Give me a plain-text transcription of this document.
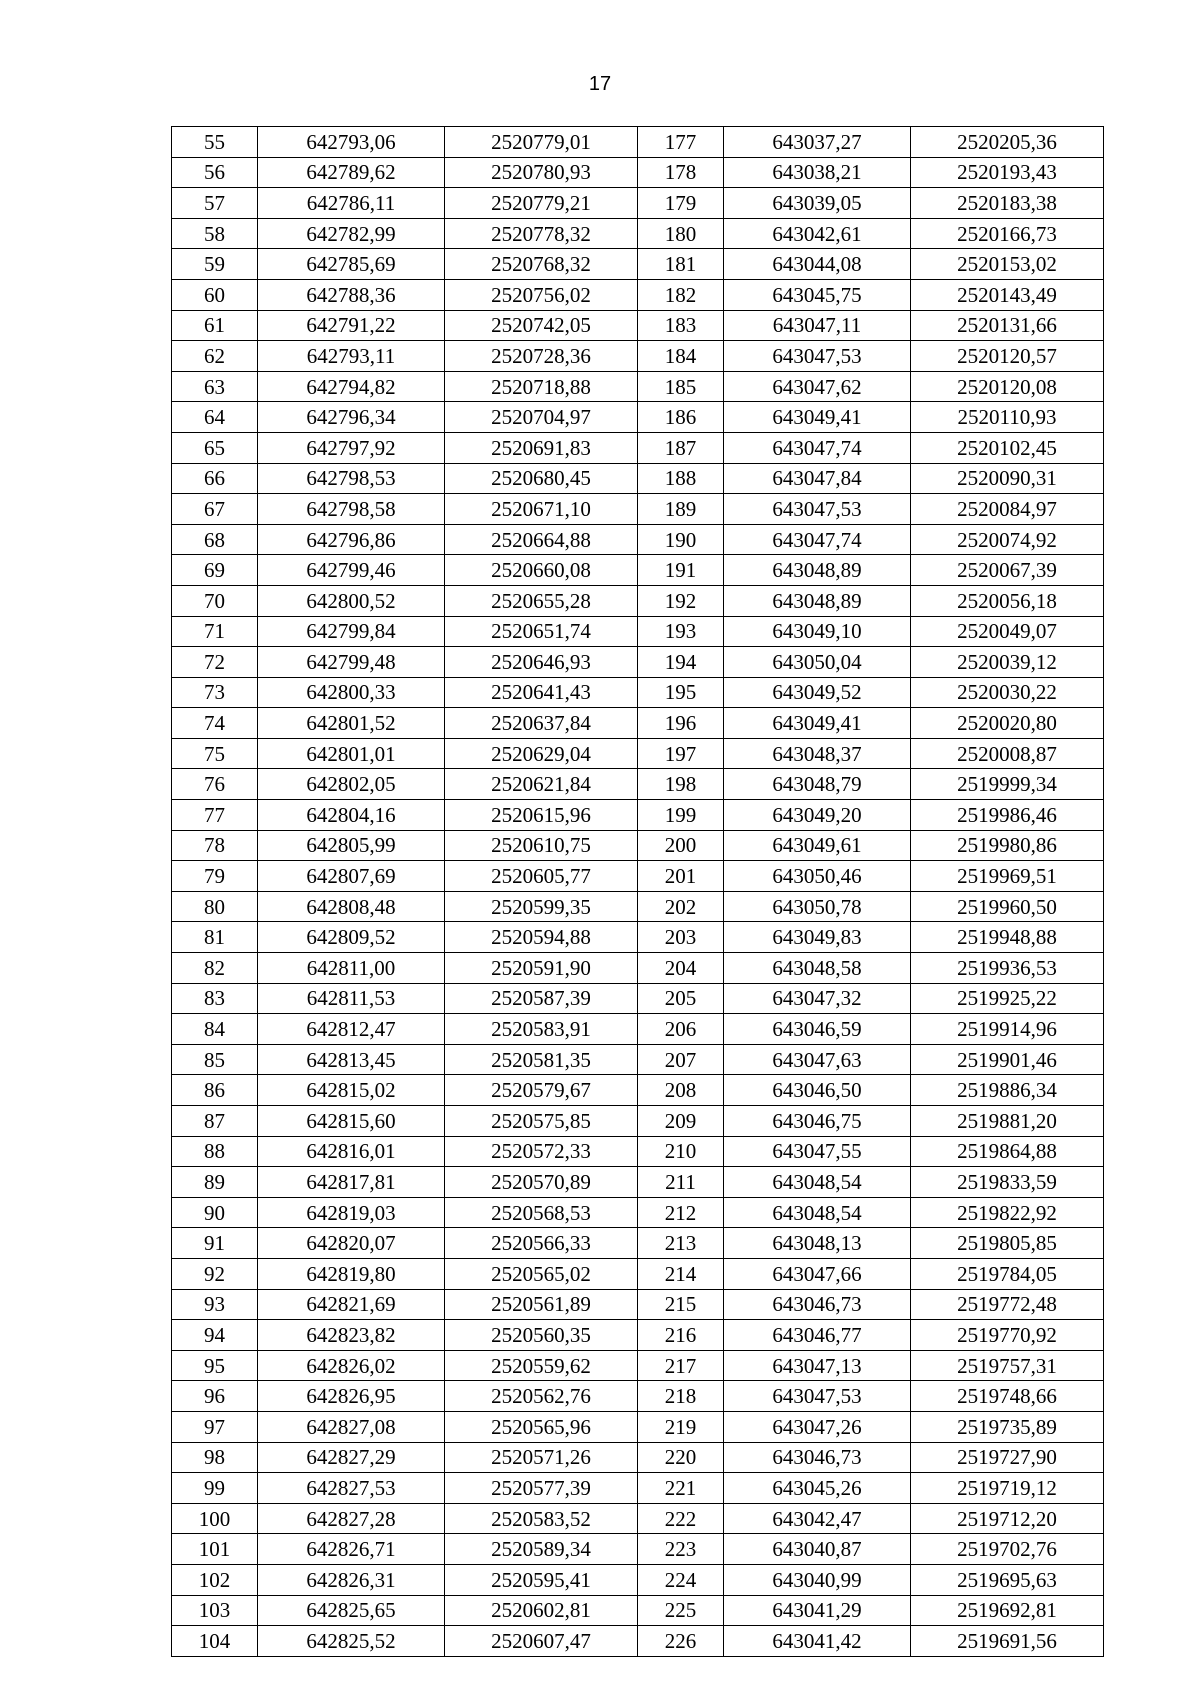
17
55	642793,06	2520779,01	177	643037,27	2520205,36
56	642789,62	2520780,93	178	643038,21	2520193,43
57	642786,11	2520779,21	179	643039,05	2520183,38
58	642782,99	2520778,32	180	643042,61	2520166,73
59	642785,69	2520768,32	181	643044,08	2520153,02
60	642788,36	2520756,02	182	643045,75	2520143,49
61	642791,22	2520742,05	183	643047,11	2520131,66
62	642793,11	2520728,36	184	643047,53	2520120,57
63	642794,82	2520718,88	185	643047,62	2520120,08
64	642796,34	2520704,97	186	643049,41	2520110,93
65	642797,92	2520691,83	187	643047,74	2520102,45
66	642798,53	2520680,45	188	643047,84	2520090,31
67	642798,58	2520671,10	189	643047,53	2520084,97
68	642796,86	2520664,88	190	643047,74	2520074,92
69	642799,46	2520660,08	191	643048,89	2520067,39
70	642800,52	2520655,28	192	643048,89	2520056,18
71	642799,84	2520651,74	193	643049,10	2520049,07
72	642799,48	2520646,93	194	643050,04	2520039,12
73	642800,33	2520641,43	195	643049,52	2520030,22
74	642801,52	2520637,84	196	643049,41	2520020,80
75	642801,01	2520629,04	197	643048,37	2520008,87
76	642802,05	2520621,84	198	643048,79	2519999,34
77	642804,16	2520615,96	199	643049,20	2519986,46
78	642805,99	2520610,75	200	643049,61	2519980,86
79	642807,69	2520605,77	201	643050,46	2519969,51
80	642808,48	2520599,35	202	643050,78	2519960,50
81	642809,52	2520594,88	203	643049,83	2519948,88
82	642811,00	2520591,90	204	643048,58	2519936,53
83	642811,53	2520587,39	205	643047,32	2519925,22
84	642812,47	2520583,91	206	643046,59	2519914,96
85	642813,45	2520581,35	207	643047,63	2519901,46
86	642815,02	2520579,67	208	643046,50	2519886,34
87	642815,60	2520575,85	209	643046,75	2519881,20
88	642816,01	2520572,33	210	643047,55	2519864,88
89	642817,81	2520570,89	211	643048,54	2519833,59
90	642819,03	2520568,53	212	643048,54	2519822,92
91	642820,07	2520566,33	213	643048,13	2519805,85
92	642819,80	2520565,02	214	643047,66	2519784,05
93	642821,69	2520561,89	215	643046,73	2519772,48
94	642823,82	2520560,35	216	643046,77	2519770,92
95	642826,02	2520559,62	217	643047,13	2519757,31
96	642826,95	2520562,76	218	643047,53	2519748,66
97	642827,08	2520565,96	219	643047,26	2519735,89
98	642827,29	2520571,26	220	643046,73	2519727,90
99	642827,53	2520577,39	221	643045,26	2519719,12
100	642827,28	2520583,52	222	643042,47	2519712,20
101	642826,71	2520589,34	223	643040,87	2519702,76
102	642826,31	2520595,41	224	643040,99	2519695,63
103	642825,65	2520602,81	225	643041,29	2519692,81
104	642825,52	2520607,47	226	643041,42	2519691,56
